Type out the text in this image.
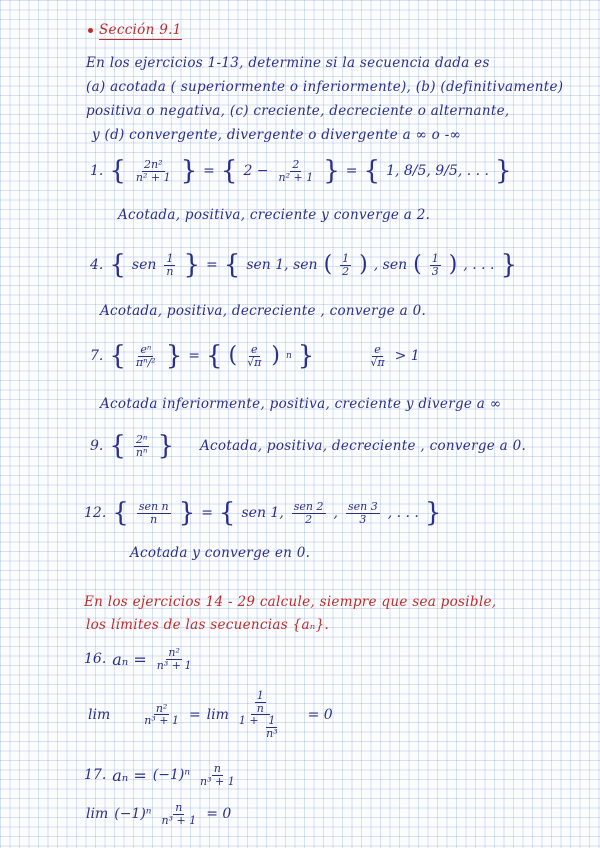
Sección 9.1
En los ejercicios 1-13, determine si la secuencia dada es
(a) acotada ( superiormente o inferiormente), (b) (definitivamente)
positiva o negativa, (c) creciente, decreciente o alternante,
y (d) convergente, divergente o divergente a ∞ o -∞
1. { $\frac{\text{2n²}}{\text{n² + 1}}$ } = { $2 - \frac{2}{\text{n² + 1}}$ } = { 1, 8/5, 9/5, . . . }
Acotada, positiva, creciente y converge a 2.
4. { sen $\frac{1}{n}$ } = { sen 1, sen ( $\frac{1}{2}$ ) , sen ( $\frac{1}{3}$ ) , . . . }
Acotada, positiva, decreciente , converge a 0.
7. { $\frac{\text{eⁿ}}{\text{πⁿ/²}}$ } = { ( $\frac{e}{√\pi}$ ) n }	$\frac{e}{√\pi} > 1$
Acotada inferiormente, positiva, creciente y diverge a ∞
9. { $\frac{\text{2ⁿ}}{\text{nⁿ}}$ } Acotada, positiva, decreciente , converge a 0.
12. { $\frac{\text{sen n}}{n}$ } = { sen 1, $\frac{\text{sen 2}}{2}$ , $\frac{\text{sen 3}}{3}$ , . . . }
Acotada y converge en 0.
En los ejercicios 14 - 29 calcule, siempre que sea posible,
los límites de las secuencias {aₙ}.
16. $a_n = \frac{\text{n²}}{\text{n³ + 1}}$
lim	$\frac{\text{n²}}{\text{n³ + 1}} = \lim \frac{\frac{1}{n}}{1 + \frac{1}{\text{n³}}} = 0$
17. $a_n = (-1)^n \frac{n}{\text{n³ + 1}}$
$\lim (-1)^n \frac{n}{\text{n³ + 1}} = 0$
